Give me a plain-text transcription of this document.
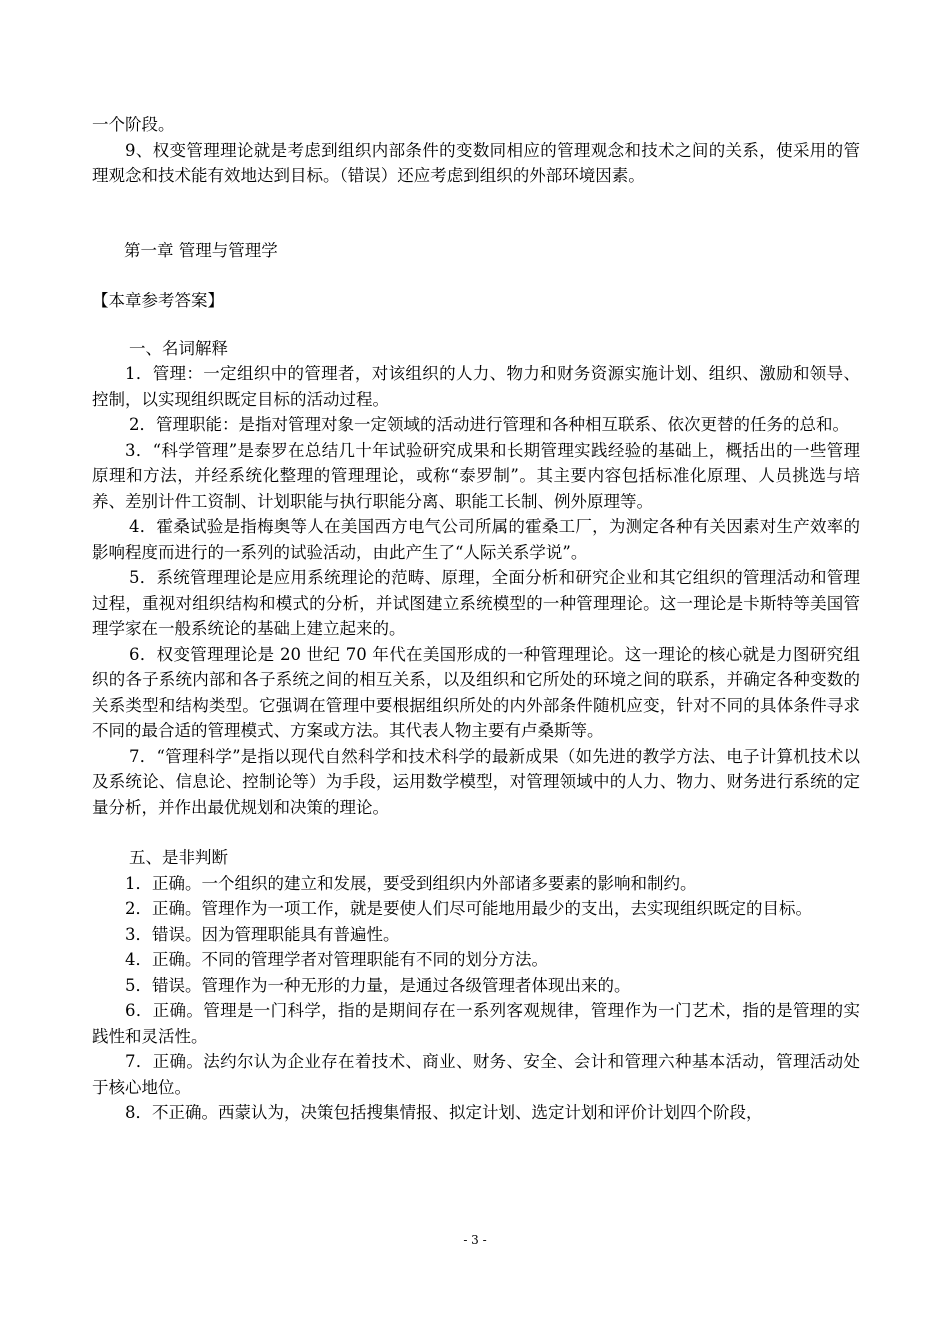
一个阶段。

9、权变管理理论就是考虑到组织内部条件的变数同相应的管理观念和技术之间的关系，使采用的管理观念和技术能有效地达到目标。（错误）还应考虑到组织的外部环境因素。

第一章 管理与管理学
【本章参考答案】
一、名词解释

1．管理：一定组织中的管理者，对该组织的人力、物力和财务资源实施计划、组织、激励和领导、控制，以实现组织既定目标的活动过程。

2．管理职能：是指对管理对象一定领域的活动进行管理和各种相互联系、依次更替的任务的总和。

3．“科学管理”是泰罗在总结几十年试验研究成果和长期管理实践经验的基础上，概括出的一些管理原理和方法，并经系统化整理的管理理论，或称“泰罗制”。其主要内容包括标准化原理、人员挑选与培养、差别计件工资制、计划职能与执行职能分离、职能工长制、例外原理等。

4．霍桑试验是指梅奥等人在美国西方电气公司所属的霍桑工厂，为测定各种有关因素对生产效率的影响程度而进行的一系列的试验活动，由此产生了“人际关系学说”。

5．系统管理理论是应用系统理论的范畴、原理，全面分析和研究企业和其它组织的管理活动和管理过程，重视对组织结构和模式的分析，并试图建立系统模型的一种管理理论。这一理论是卡斯特等美国管理学家在一般系统论的基础上建立起来的。

6．权变管理理论是 20 世纪 70 年代在美国形成的一种管理理论。这一理论的核心就是力图研究组织的各子系统内部和各子系统之间的相互关系，以及组织和它所处的环境之间的联系，并确定各种变数的关系类型和结构类型。它强调在管理中要根据组织所处的内外部条件随机应变，针对不同的具体条件寻求不同的最合适的管理模式、方案或方法。其代表人物主要有卢桑斯等。

7．“管理科学”是指以现代自然科学和技术科学的最新成果（如先进的教学方法、电子计算机技术以及系统论、信息论、控制论等）为手段，运用数学模型，对管理领域中的人力、物力、财务进行系统的定量分析，并作出最优规划和决策的理论。

五、是非判断

1．正确。一个组织的建立和发展，要受到组织内外部诸多要素的影响和制约。

2．正确。管理作为一项工作，就是要使人们尽可能地用最少的支出，去实现组织既定的目标。

3．错误。因为管理职能具有普遍性。

4．正确。不同的管理学者对管理职能有不同的划分方法。

5．错误。管理作为一种无形的力量，是通过各级管理者体现出来的。

6．正确。管理是一门科学，指的是期间存在一系列客观规律，管理作为一门艺术，指的是管理的实践性和灵活性。

7．正确。法约尔认为企业存在着技术、商业、财务、安全、会计和管理六种基本活动，管理活动处于核心地位。

8．不正确。西蒙认为，决策包括搜集情报、拟定计划、选定计划和评价计划四个阶段，

- 3 -
